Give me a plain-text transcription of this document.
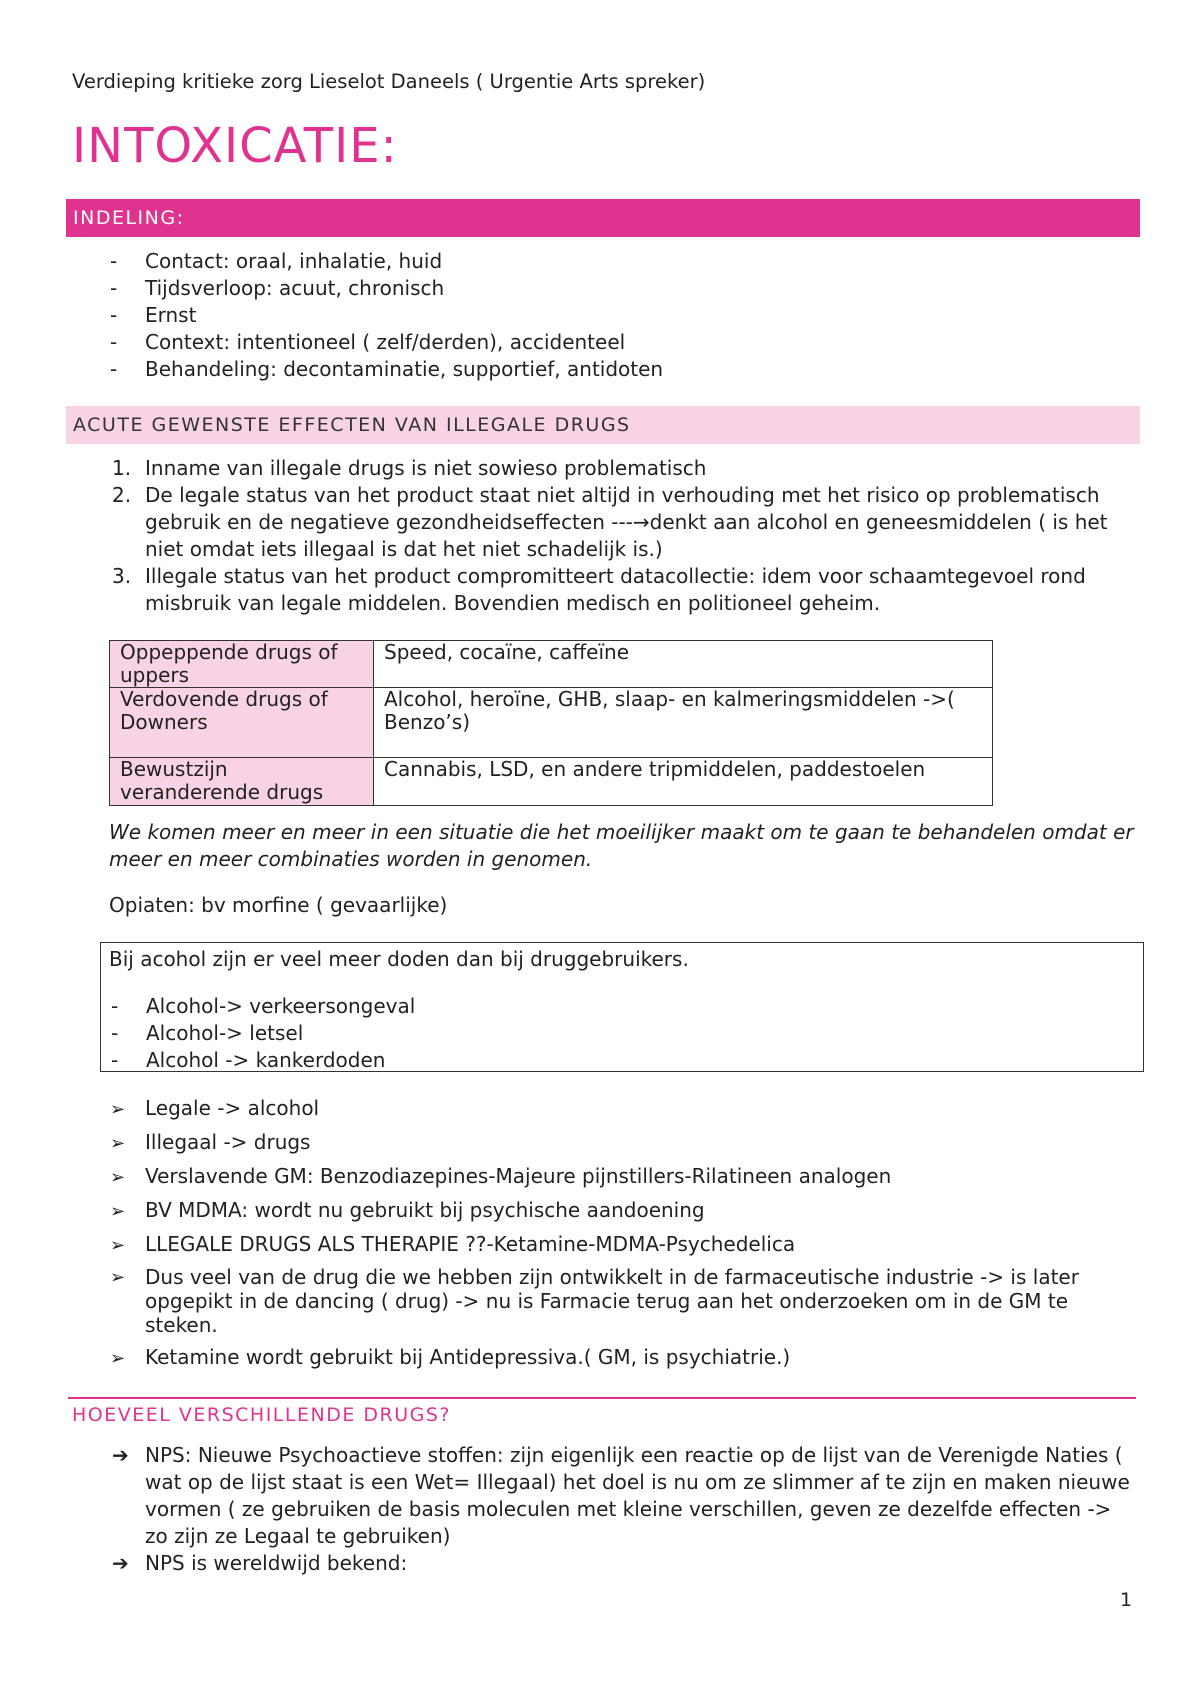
Verdieping kritieke zorg Lieselot Daneels ( Urgentie Arts spreker)
INTOXICATIE:
INDELING:
- Contact: oraal, inhalatie, huid
- Tijdsverloop: acuut, chronisch
- Ernst
- Context: intentioneel ( zelf/derden), accidenteel
- Behandeling: decontaminatie, supportief, antidoten
ACUTE GEWENSTE EFFECTEN VAN ILLEGALE DRUGS
1. Inname van illegale drugs is niet sowieso problematisch
2. De legale status van het product staat niet altijd in verhouding met het risico op problematisch gebruik en de negatieve gezondheidseffecten ---→denkt aan alcohol en geneesmiddelen ( is het niet omdat iets illegaal is dat het niet schadelijk is.)
3. Illegale status van het product compromitteert datacollectie: idem voor schaamtegevoel rond misbruik van legale middelen. Bovendien medisch en politioneel geheim.
Oppeppende drugs of uppers	Speed, cocaïne, caffeïne
Verdovende drugs of Downers	Alcohol, heroïne, GHB, slaap- en kalmeringsmiddelen ->( Benzo’s)
Bewustzijn veranderende drugs	Cannabis, LSD, en andere tripmiddelen, paddestoelen
We komen meer en meer in een situatie die het moeilijker maakt om te gaan te behandelen omdat er meer en meer combinaties worden in genomen.
Opiaten: bv morfine ( gevaarlijke)
Bij acohol zijn er veel meer doden dan bij druggebruikers.
- Alcohol-> verkeersongeval
- Alcohol-> letsel
- Alcohol -> kankerdoden
➢ Legale -> alcohol
➢ Illegaal -> drugs
➢ Verslavende GM: Benzodiazepines-Majeure pijnstillers-Rilatineen analogen
➢ BV MDMA: wordt nu gebruikt bij psychische aandoening
➢ LLEGALE DRUGS ALS THERAPIE ??-Ketamine-MDMA-Psychedelica
➢ Dus veel van de drug die we hebben zijn ontwikkelt in de farmaceutische industrie -> is later opgepikt in de dancing ( drug) -> nu is Farmacie terug aan het onderzoeken om in de GM te steken.
➢ Ketamine wordt gebruikt bij Antidepressiva.( GM, is psychiatrie.)
HOEVEEL VERSCHILLENDE DRUGS?
➔ NPS: Nieuwe Psychoactieve stoffen: zijn eigenlijk een reactie op de lijst van de Verenigde Naties ( wat op de lijst staat is een Wet= Illegaal) het doel is nu om ze slimmer af te zijn en maken nieuwe vormen ( ze gebruiken de basis moleculen met kleine verschillen, geven ze dezelfde effecten -> zo zijn ze Legaal te gebruiken)
➔ NPS is wereldwijd bekend:
1
